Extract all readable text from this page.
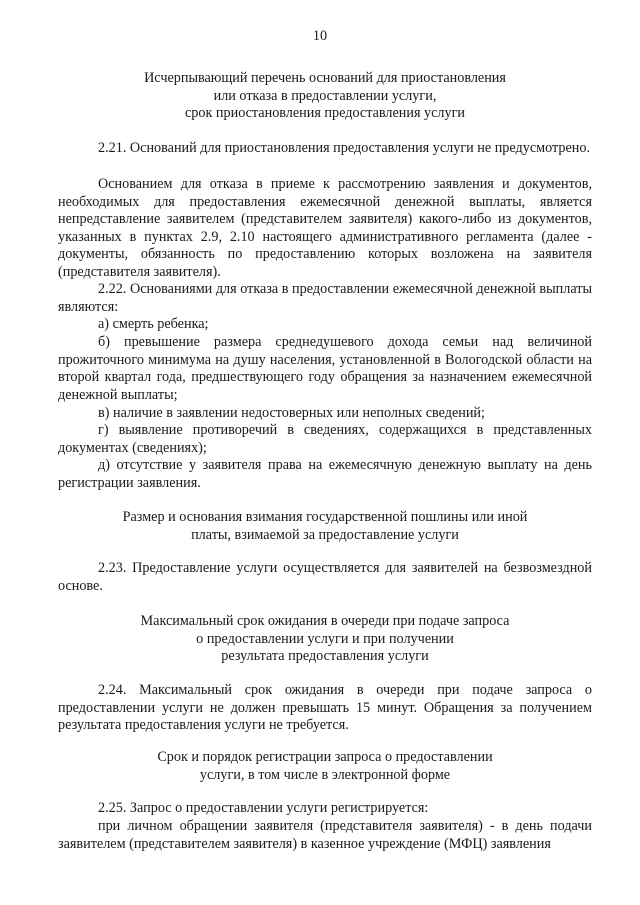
10
Исчерпывающий перечень оснований для приостановления
или отказа в предоставлении услуги,
срок приостановления предоставления услуги
2.21. Оснований для приостановления предоставления услуги не предусмотрено.
Основанием для отказа в приеме к рассмотрению заявления и документов, необходимых для предоставления ежемесячной денежной выплаты, является непредставление заявителем (представителем заявителя) какого-либо из документов, указанных в пунктах 2.9, 2.10 настоящего административного регламента (далее - документы, обязанность по предоставлению которых возложена на заявителя (представителя заявителя).
2.22. Основаниями для отказа в предоставлении ежемесячной денежной выплаты являются:
а) смерть ребенка;
б) превышение размера среднедушевого дохода семьи над величиной прожиточного минимума на душу населения, установленной в Вологодской области на второй квартал года, предшествующего году обращения за назначением ежемесячной денежной выплаты;
в) наличие в заявлении недостоверных или неполных сведений;
г) выявление противоречий в сведениях, содержащихся в представленных документах (сведениях);
д) отсутствие у заявителя права на ежемесячную денежную выплату на день регистрации заявления.
Размер и основания взимания государственной пошлины или иной
платы, взимаемой за предоставление услуги
2.23. Предоставление услуги осуществляется для заявителей на безвозмездной основе.
Максимальный срок ожидания в очереди при подаче запроса
о предоставлении услуги и при получении
результата предоставления услуги
2.24. Максимальный срок ожидания в очереди при подаче запроса о предоставлении услуги не должен превышать 15 минут. Обращения за получением результата предоставления услуги не требуется.
Срок и порядок регистрации запроса о предоставлении
услуги, в том числе в электронной форме
2.25. Запрос о предоставлении услуги регистрируется:
при личном обращении заявителя (представителя заявителя) - в день подачи заявителем (представителем заявителя) в казенное учреждение (МФЦ) заявления
